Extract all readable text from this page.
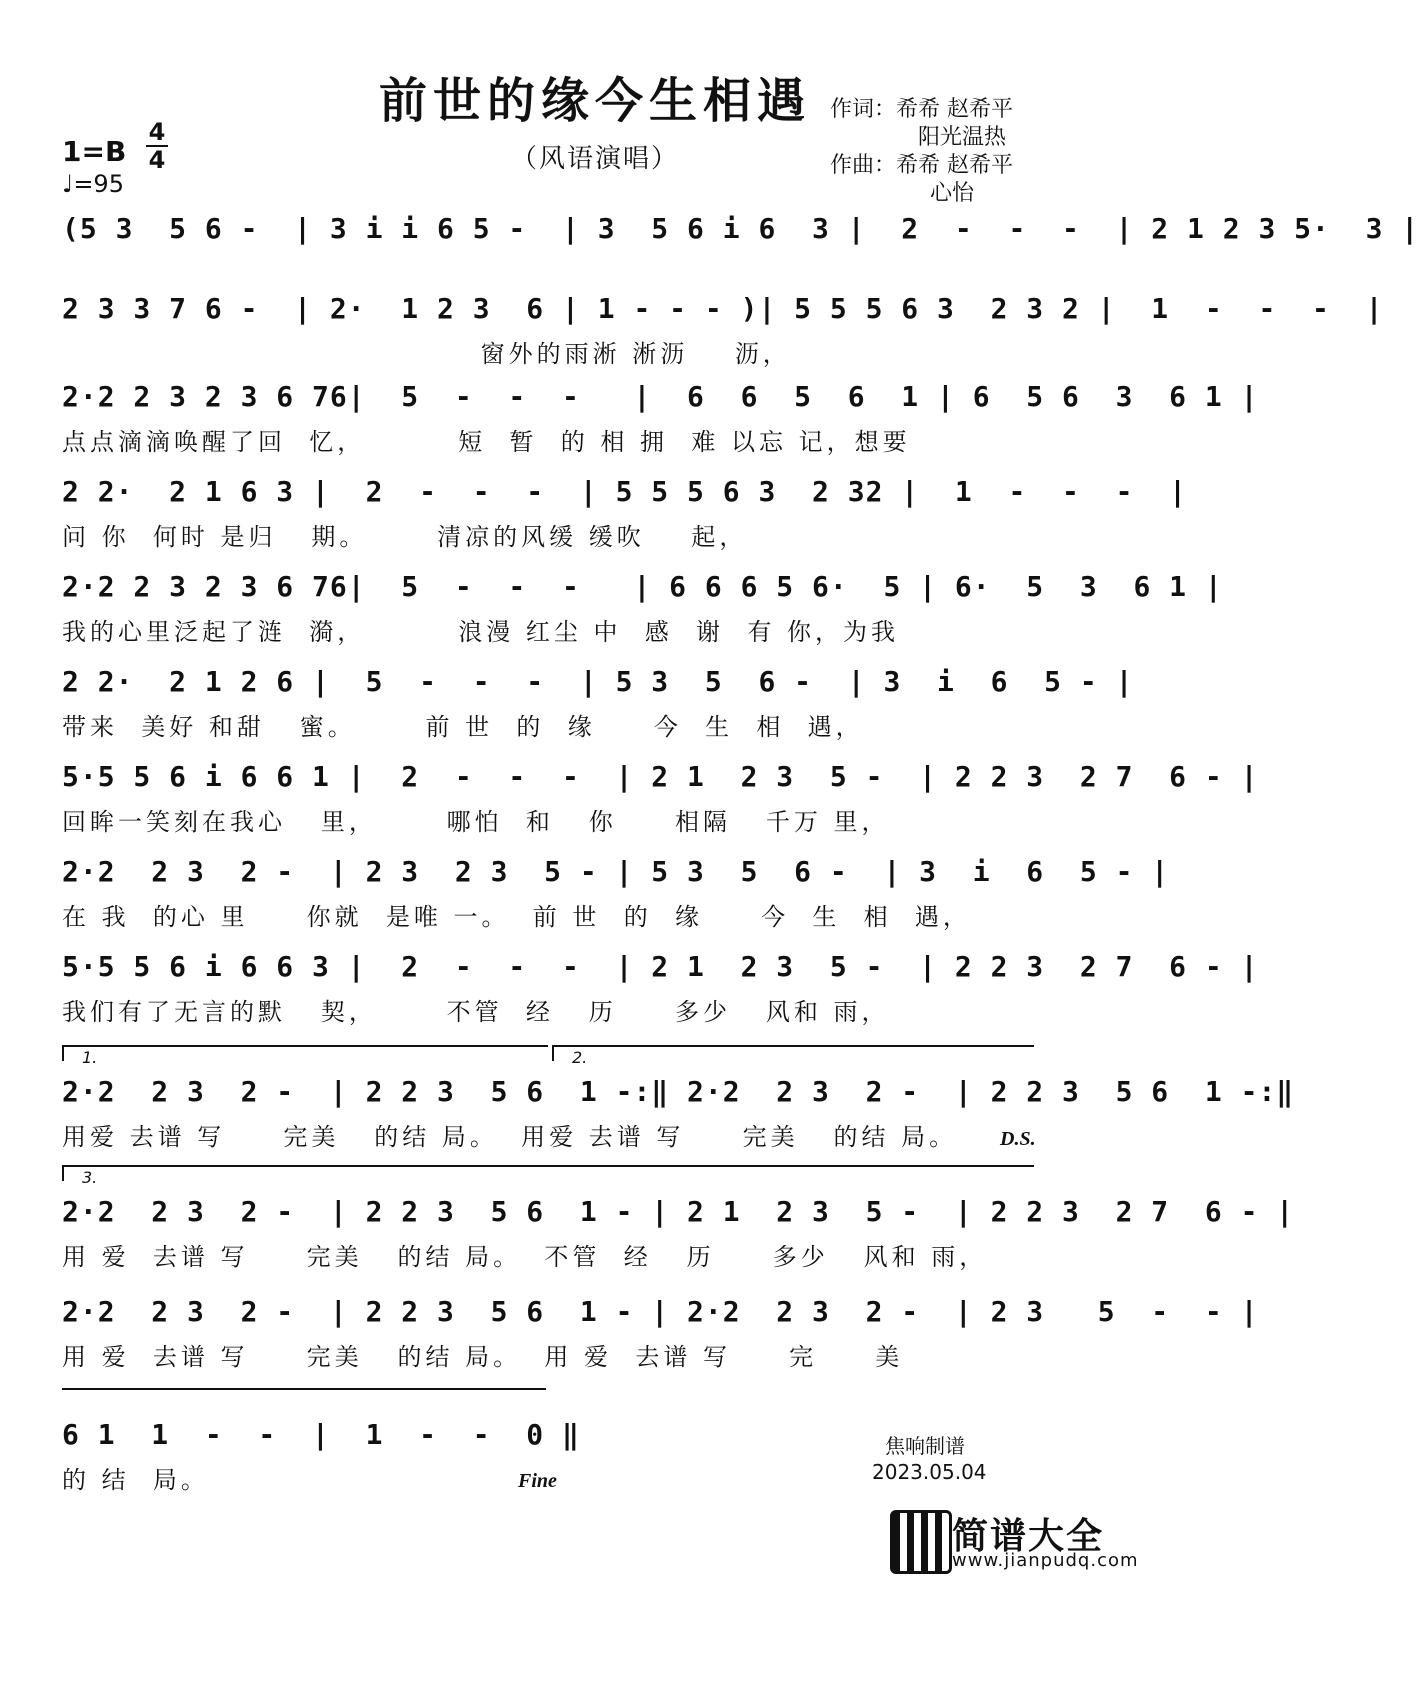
前世的缘今生相遇
（风语演唱）
作词：希希 赵希平
阳光温热
作曲：希希 赵希平
心怡
1=B
4
4
♩=95
(5 3  5 6 -  | 3 i i 6 5 -  | 3  5 6 i 6  3 |  2  -  -  -  | 2 1 2 3 5·  3 |
2 3 3 7 6 -  | 2·  1 2 3  6 | 1 - - - )| 5 5 5 6 3  2 3 2 |  1  -  -  -  |
窗外的雨淅 淅沥    沥，
2·2 2 3 2 3 6 76|  5  -  -  -   |  6  6  5  6  1 | 6  5 6  3  6 1 |
点点滴滴唤醒了回  忆，        短  暂  的 相 拥  难 以忘 记，想要
2 2·  2 1 6 3 |  2  -  -  -  | 5 5 5 6 3  2 32 |  1  -  -  -  |
问 你  何时 是归   期。      清凉的风缓 缓吹    起，
2·2 2 3 2 3 6 76|  5  -  -  -   | 6 6 6 5 6·  5 | 6·  5  3  6 1 |
我的心里泛起了涟  漪，        浪漫 红尘 中  感  谢  有 你，为我
2 2·  2 1 2 6 |  5  -  -  -  | 5 3  5  6 -  | 3  i  6  5 - |
带来  美好 和甜   蜜。      前 世  的  缘     今  生  相  遇，
5·5 5 6 i 6 6 1 |  2  -  -  -  | 2 1  2 3  5 -  | 2 2 3  2 7  6 - |
回眸一笑刻在我心   里，      哪怕  和   你     相隔   千万 里，
2·2  2 3  2 -  | 2 3  2 3  5 - | 5 3  5  6 -  | 3  i  6  5 - |
在 我  的心 里     你就  是唯 一。  前 世  的  缘     今  生  相  遇，
5·5 5 6 i 6 6 3 |  2  -  -  -  | 2 1  2 3  5 -  | 2 2 3  2 7  6 - |
我们有了无言的默   契，      不管  经   历     多少   风和 雨，
2·2  2 3  2 -  | 2 2 3  5 6  1 -:‖ 2·2  2 3  2 -  | 2 2 3  5 6  1 -:‖
用爱 去谱 写     完美   的结 局。  用爱 去谱 写     完美   的结 局。
2·2  2 3  2 -  | 2 2 3  5 6  1 - | 2 1  2 3  5 -  | 2 2 3  2 7  6 - |
用 爱  去谱 写     完美   的结 局。  不管  经   历     多少   风和 雨，
2·2  2 3  2 -  | 2 2 3  5 6  1 - | 2·2  2 3  2 -  | 2 3   5  -  - |
用 爱  去谱 写     完美   的结 局。  用 爱  去谱 写     完     美
6 1  1  -  -  |  1  -  -  0 ‖
的 结  局。
1.	2.
3.
D.S.
Fine
焦响制谱
2023.05.04
简谱大全
www.jianpudq.com
